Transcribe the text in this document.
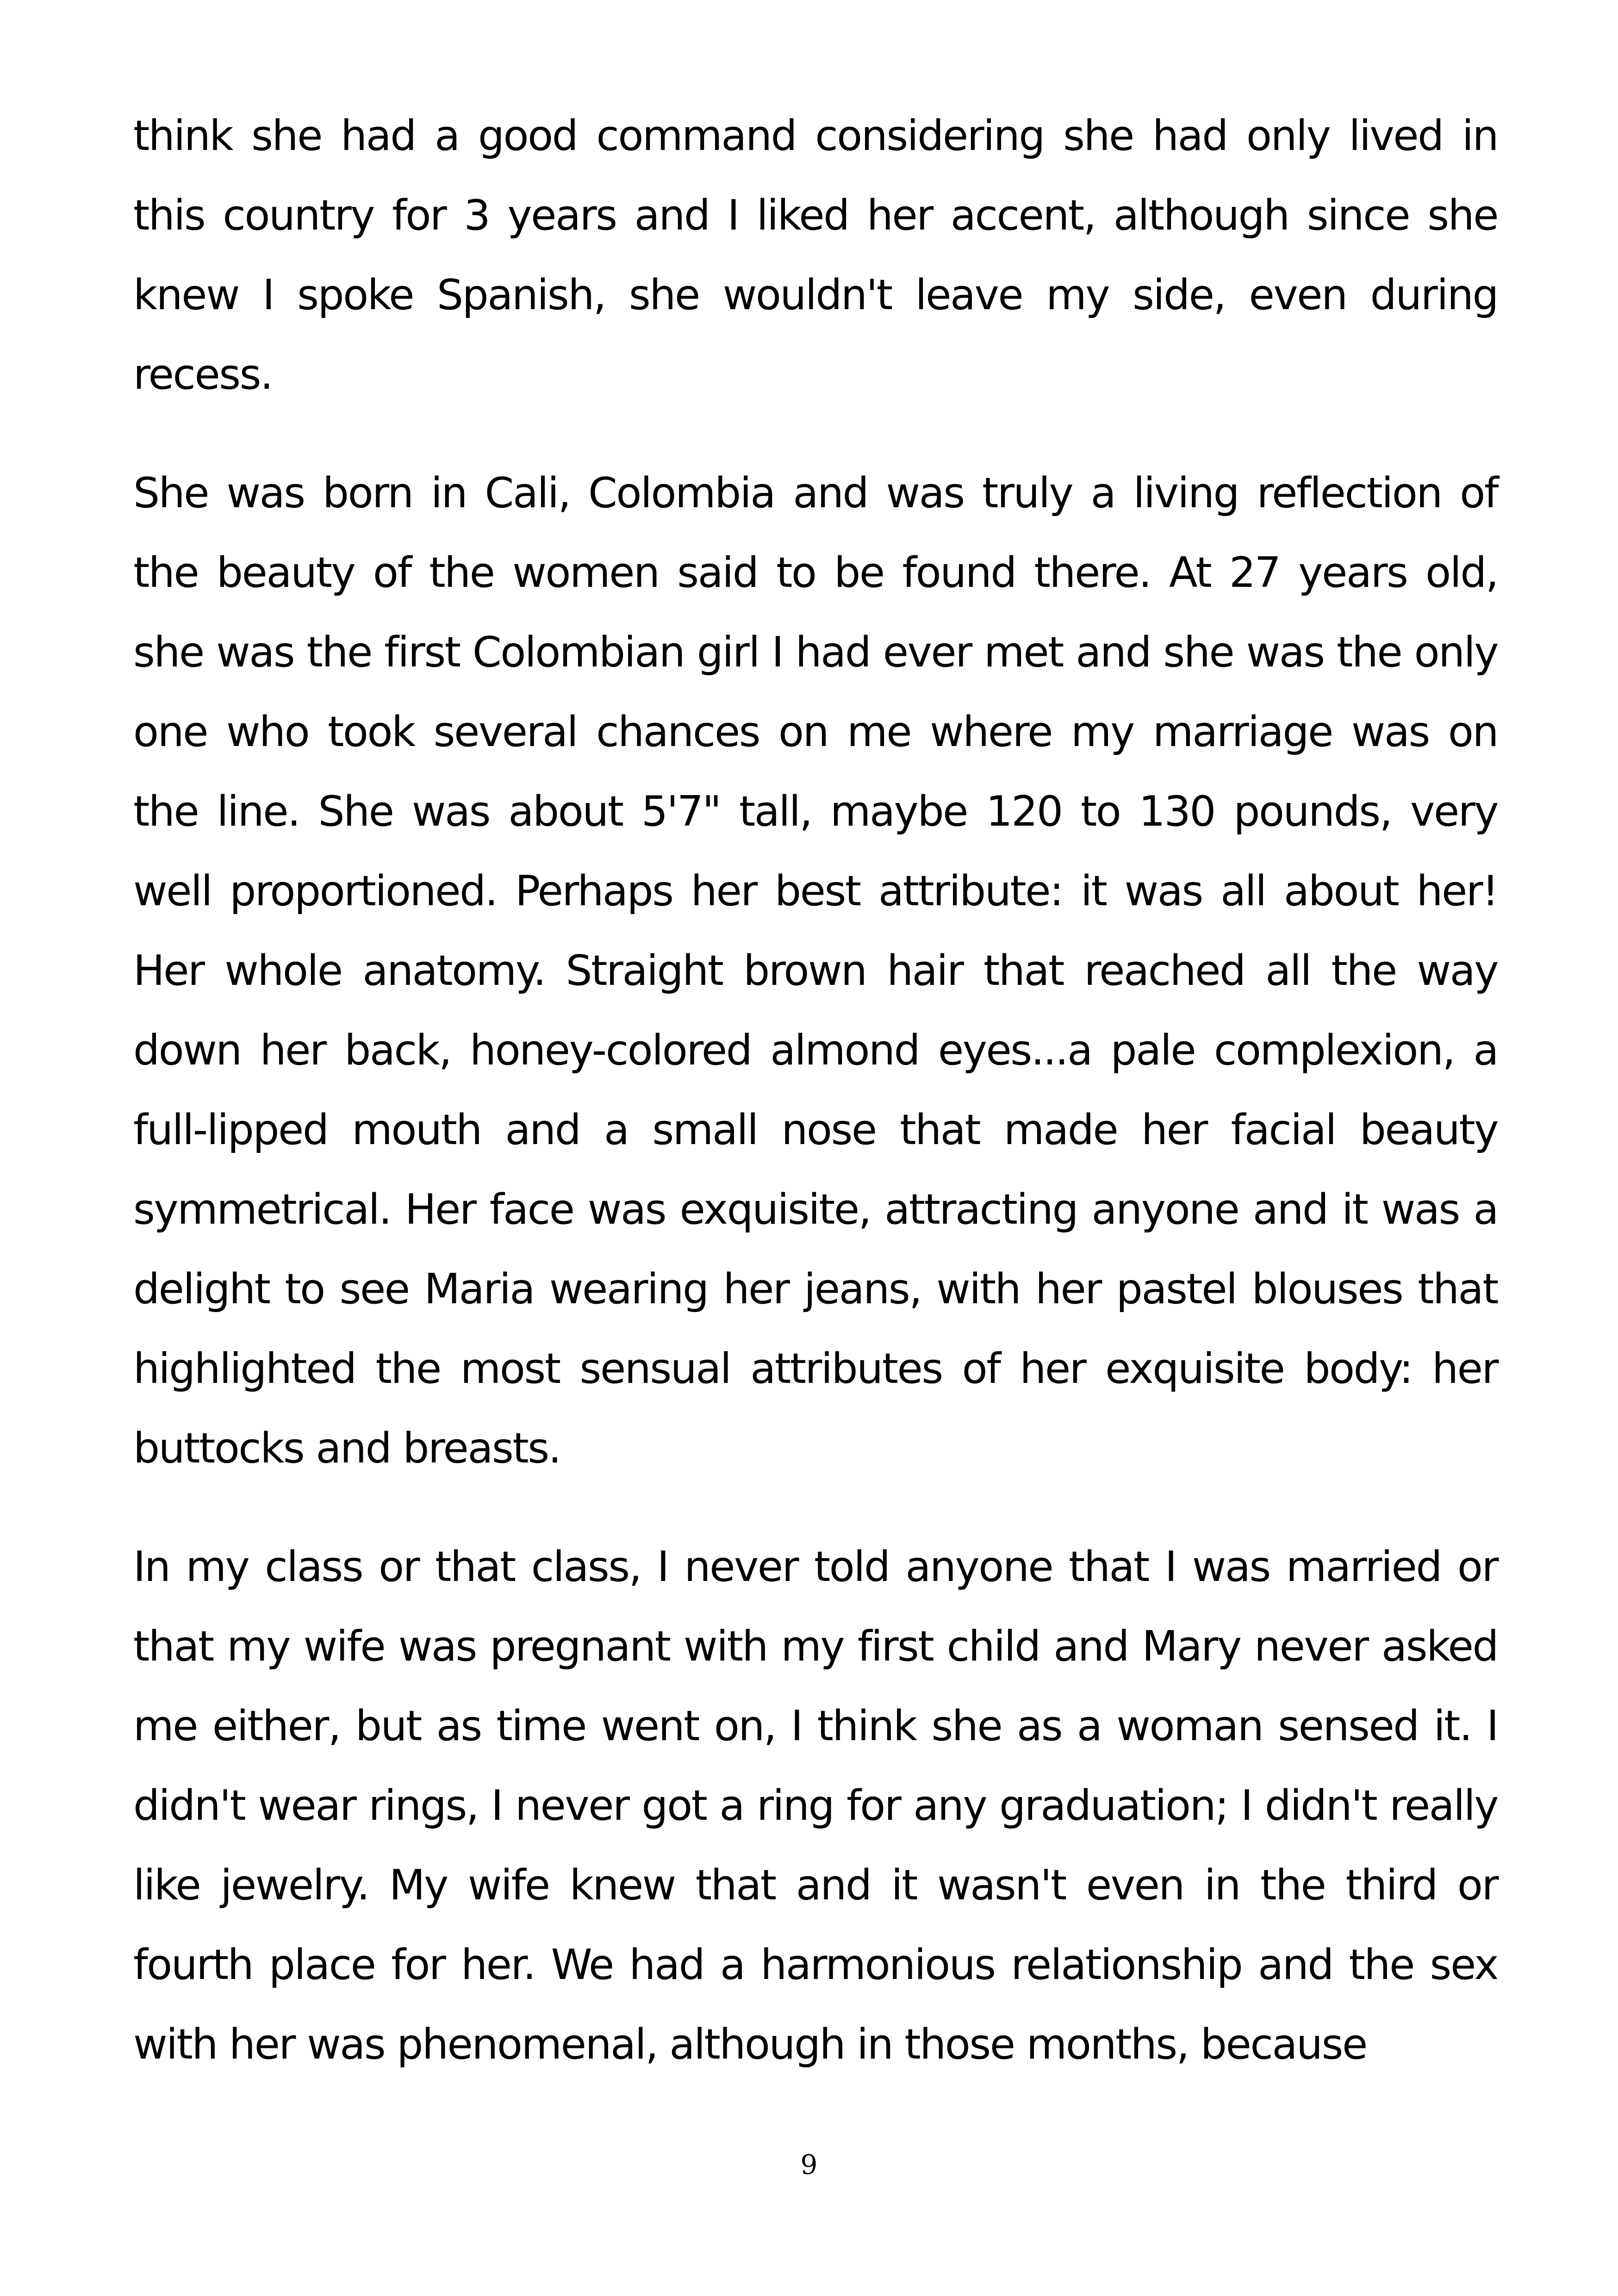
think she had a good command considering she had only lived in this country for 3 years and I liked her accent, although since she knew I spoke Spanish, she wouldn't leave my side, even during recess.

She was born in Cali, Colombia and was truly a living reflection of the beauty of the women said to be found there. At 27 years old, she was the first Colombian girl I had ever met and she was the only one who took several chances on me where my marriage was on the line. She was about 5'7" tall, maybe 120 to 130 pounds, very well proportioned. Perhaps her best attribute: it was all about her! Her whole anatomy. Straight brown hair that reached all the way down her back, honey-colored almond eyes...a pale complexion, a full-lipped mouth and a small nose that made her facial beauty symmetrical. Her face was exquisite, attracting anyone and it was a delight to see Maria wearing her jeans, with her pastel blouses that highlighted the most sensual attributes of her exquisite body: her buttocks and breasts.

In my class or that class, I never told anyone that I was married or that my wife was pregnant with my first child and Mary never asked me either, but as time went on, I think she as a woman sensed it. I didn't wear rings, I never got a ring for any graduation; I didn't really like jewelry. My wife knew that and it wasn't even in the third or fourth place for her. We had a harmonious relationship and the sex with her was phenomenal, although in those months, because

9
